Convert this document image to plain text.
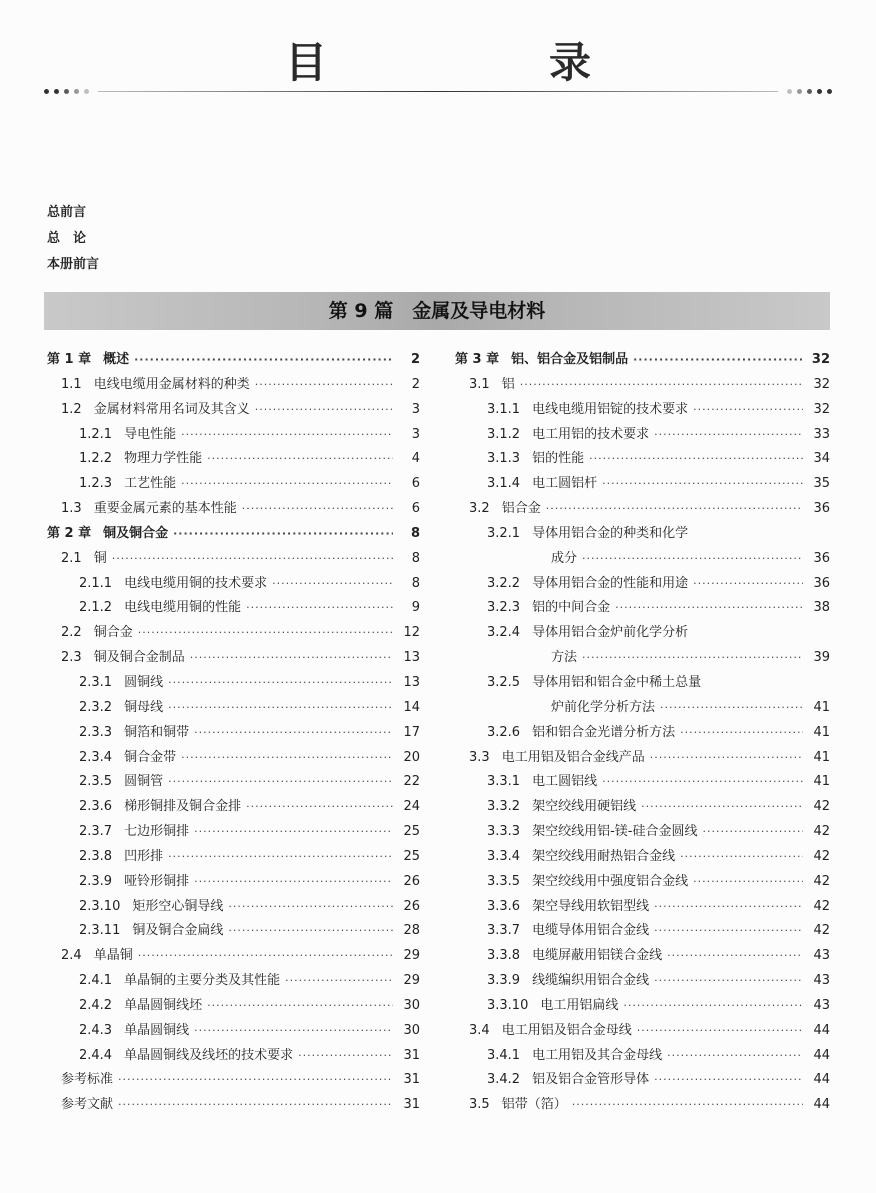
目　录
总前言
总　论
本册前言
第 9 篇　金属及导电材料
第 1 章 概述 ·····	2
1.1 电线电缆用金属材料的种类 ·····	2
1.2 金属材料常用名词及其含义 ·····	3
1.2.1 导电性能 ·····	3
1.2.2 物理力学性能 ·····	4
1.2.3 工艺性能 ·····	6
1.3 重要金属元素的基本性能 ·····	6
第 2 章 铜及铜合金 ·····	8
2.1 铜 ·····	8
2.1.1 电线电缆用铜的技术要求 ·····	8
2.1.2 电线电缆用铜的性能 ·····	9
2.2 铜合金 ·····	12
2.3 铜及铜合金制品 ·····	13
2.3.1 圆铜线 ·····	13
2.3.2 铜母线 ·····	14
2.3.3 铜箔和铜带 ·····	17
2.3.4 铜合金带 ·····	20
2.3.5 圆铜管 ·····	22
2.3.6 梯形铜排及铜合金排 ·····	24
2.3.7 七边形铜排 ·····	25
2.3.8 凹形排 ·····	25
2.3.9 哑铃形铜排 ·····	26
2.3.10 矩形空心铜导线 ·····	26
2.3.11 铜及铜合金扁线 ·····	28
2.4 单晶铜 ·····	29
2.4.1 单晶铜的主要分类及其性能 ·····	29
2.4.2 单晶圆铜线坯 ·····	30
2.4.3 单晶圆铜线 ·····	30
2.4.4 单晶圆铜线及线坯的技术要求 ·····	31
参考标准 ·····	31
参考文献 ·····	31
第 3 章 铝、铝合金及铝制品 ·····	32
3.1 铝 ·····	32
3.1.1 电线电缆用铝锭的技术要求 ·····	32
3.1.2 电工用铝的技术要求 ·····	33
3.1.3 铝的性能 ·····	34
3.1.4 电工圆铝杆 ·····	35
3.2 铝合金 ·····	36
3.2.1 导体用铝合金的种类和化学
成分 ·····	36
3.2.2 导体用铝合金的性能和用途 ·····	36
3.2.3 铝的中间合金 ·····	38
3.2.4 导体用铝合金炉前化学分析
方法 ·····	39
3.2.5 导体用铝和铝合金中稀土总量
炉前化学分析方法 ·····	41
3.2.6 铝和铝合金光谱分析方法 ·····	41
3.3 电工用铝及铝合金线产品 ·····	41
3.3.1 电工圆铝线 ·····	41
3.3.2 架空绞线用硬铝线 ·····	42
3.3.3 架空绞线用铝-镁-硅合金圆线 ·····	42
3.3.4 架空绞线用耐热铝合金线 ·····	42
3.3.5 架空绞线用中强度铝合金线 ·····	42
3.3.6 架空导线用软铝型线 ·····	42
3.3.7 电缆导体用铝合金线 ·····	42
3.3.8 电缆屏蔽用铝镁合金线 ·····	43
3.3.9 线缆编织用铝合金线 ·····	43
3.3.10 电工用铝扁线 ·····	43
3.4 电工用铝及铝合金母线 ·····	44
3.4.1 电工用铝及其合金母线 ·····	44
3.4.2 铝及铝合金管形导体 ·····	44
3.5 铝带（箔） ·····	44
